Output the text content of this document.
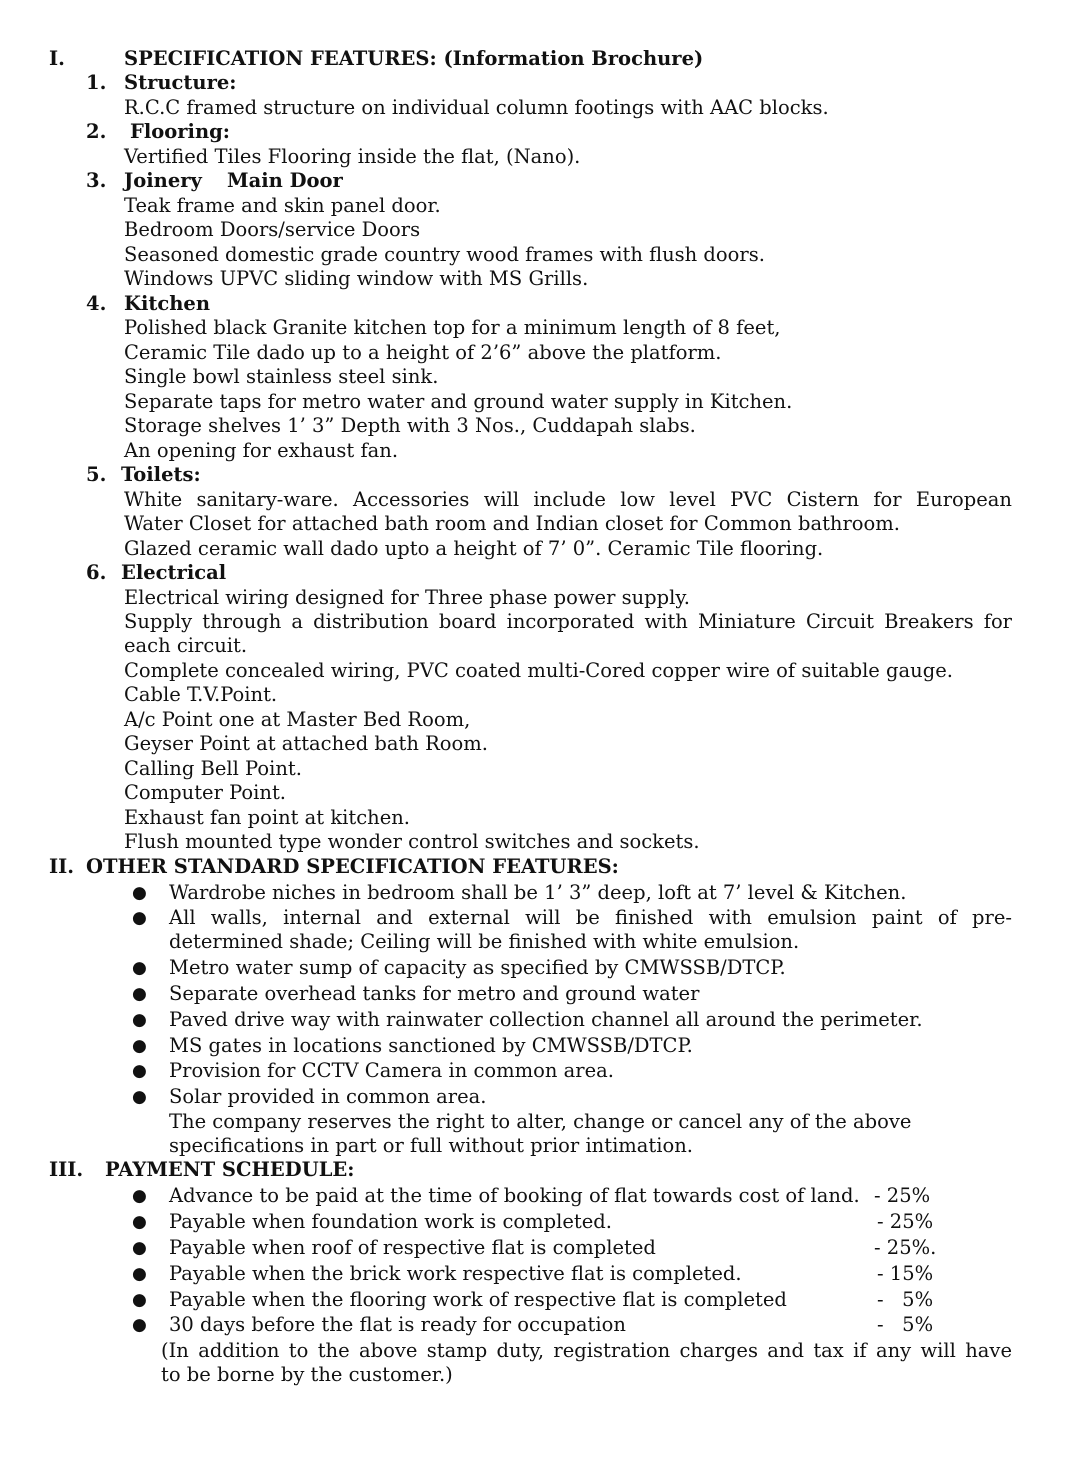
I.	SPECIFICATION FEATURES: (Information Brochure)
1. Structure:
R.C.C framed structure on individual column footings with AAC blocks.
2. Flooring:
Vertified Tiles Flooring inside the flat, (Nano).
3. Joinery Main Door
Teak frame and skin panel door.
Bedroom Doors/service Doors
Seasoned domestic grade country wood frames with flush doors.
Windows UPVC sliding window with MS Grills.
4. Kitchen
Polished black Granite kitchen top for a minimum length of 8 feet,
Ceramic Tile dado up to a height of 2’6” above the platform.
Single bowl stainless steel sink.
Separate taps for metro water and ground water supply in Kitchen.
Storage shelves 1’ 3” Depth with 3 Nos., Cuddapah slabs.
An opening for exhaust fan.
5. Toilets:
White sanitary-ware. Accessories will include low level PVC Cistern for European
Water Closet for attached bath room and Indian closet for Common bathroom.
Glazed ceramic wall dado upto a height of 7’ 0”. Ceramic Tile flooring.
6. Electrical
Electrical wiring designed for Three phase power supply.
Supply through a distribution board incorporated with Miniature Circuit Breakers for
each circuit.
Complete concealed wiring, PVC coated multi-Cored copper wire of suitable gauge.
Cable T.V.Point.
A/c Point one at Master Bed Room,
Geyser Point at attached bath Room.
Calling Bell Point.
Computer Point.
Exhaust fan point at kitchen.
Flush mounted type wonder control switches and sockets.
II. OTHER STANDARD SPECIFICATION FEATURES:
● Wardrobe niches in bedroom shall be 1’ 3” deep, loft at 7’ level & Kitchen.
● All walls, internal and external will be finished with emulsion paint of pre-
determined shade; Ceiling will be finished with white emulsion.
● Metro water sump of capacity as specified by CMWSSB/DTCP.
● Separate overhead tanks for metro and ground water
● Paved drive way with rainwater collection channel all around the perimeter.
● MS gates in locations sanctioned by CMWSSB/DTCP.
● Provision for CCTV Camera in common area.
● Solar provided in common area.
The company reserves the right to alter, change or cancel any of the above
specifications in part or full without prior intimation.
III. PAYMENT SCHEDULE:
● Advance to be paid at the time of booking of flat towards cost of land. - 25%
● Payable when foundation work is completed.	- 25%
● Payable when roof of respective flat is completed	- 25%.
● Payable when the brick work respective flat is completed.	- 15%
● Payable when the flooring work of respective flat is completed	-   5%
● 30 days before the flat is ready for occupation	-   5%
(In addition to the above stamp duty, registration charges and tax if any will have
to be borne by the customer.)
